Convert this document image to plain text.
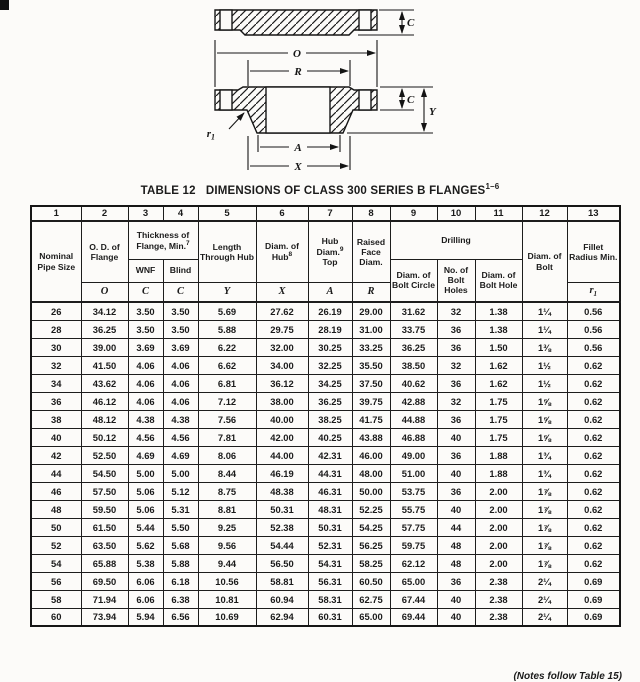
C
O
R
C
Y
A
X
$r_1$
TABLE 12   DIMENSIONS OF CLASS 300 SERIES B FLANGES$^{1-6}$
1	2	3	4	5	6	7	8	9	10	11	12	13
Nominal Pipe Size	O. D. of Flange	Thickness of Flange, Min.$^7$		Length Through Hub	Diam. of Hub$^8$	Hub Diam.$^9$ Top	Raised Face Diam.	Drilling			Diam. of Bolt	Fillet Radius Min.
		WNF	Blind					Diam. of Bolt Circle	No. of Bolt Holes	Diam. of Bolt Hole		
	O	C	C	Y	X	A	R					$r_1$
26	34.12	3.50	3.50	5.69	27.62	26.19	29.00	31.62	32	1.38	1¼	0.56
28	36.25	3.50	3.50	5.88	29.75	28.19	31.00	33.75	36	1.38	1¼	0.56
30	39.00	3.69	3.69	6.22	32.00	30.25	33.25	36.25	36	1.50	1⅜	0.56
32	41.50	4.06	4.06	6.62	34.00	32.25	35.50	38.50	32	1.62	1½	0.62
34	43.62	4.06	4.06	6.81	36.12	34.25	37.50	40.62	36	1.62	1½	0.62
36	46.12	4.06	4.06	7.12	38.00	36.25	39.75	42.88	32	1.75	1⅝	0.62
38	48.12	4.38	4.38	7.56	40.00	38.25	41.75	44.88	36	1.75	1⅝	0.62
40	50.12	4.56	4.56	7.81	42.00	40.25	43.88	46.88	40	1.75	1⅝	0.62
42	52.50	4.69	4.69	8.06	44.00	42.31	46.00	49.00	36	1.88	1¾	0.62
44	54.50	5.00	5.00	8.44	46.19	44.31	48.00	51.00	40	1.88	1¾	0.62
46	57.50	5.06	5.12	8.75	48.38	46.31	50.00	53.75	36	2.00	1⅞	0.62
48	59.50	5.06	5.31	8.81	50.31	48.31	52.25	55.75	40	2.00	1⅞	0.62
50	61.50	5.44	5.50	9.25	52.38	50.31	54.25	57.75	44	2.00	1⅞	0.62
52	63.50	5.62	5.68	9.56	54.44	52.31	56.25	59.75	48	2.00	1⅞	0.62
54	65.88	5.38	5.88	9.44	56.50	54.31	58.25	62.12	48	2.00	1⅞	0.62
56	69.50	6.06	6.18	10.56	58.81	56.31	60.50	65.00	36	2.38	2¼	0.69
58	71.94	6.06	6.38	10.81	60.94	58.31	62.75	67.44	40	2.38	2¼	0.69
60	73.94	5.94	6.56	10.69	62.94	60.31	65.00	69.44	40	2.38	2¼	0.69
(Notes follow Table 15)
